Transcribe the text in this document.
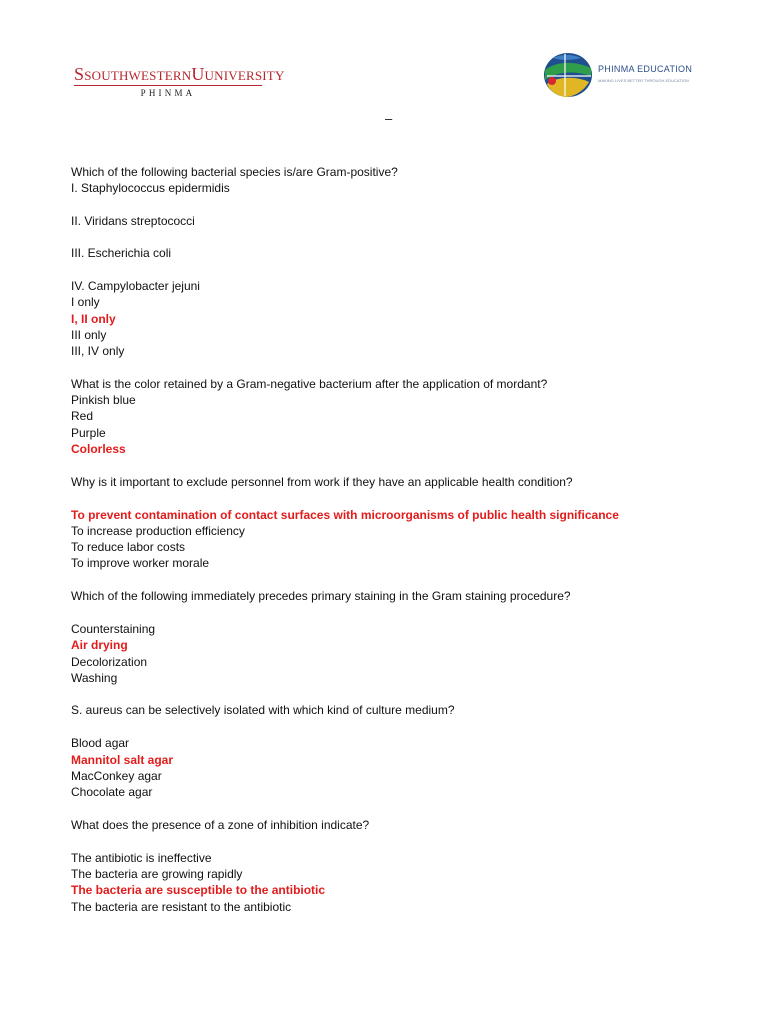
SSOUTHWESTERNUUNIVERSITY
PHINMA
PHINMA EDUCATION
MAKING LIVES BETTER THROUGH EDUCATION
–
Which of the following bacterial species is/are Gram-positive?
I. Staphylococcus epidermidis
II. Viridans streptococci
III. Escherichia coli
IV. Campylobacter jejuni
I only
I, II only
III only
III, IV only
What is the color retained by a Gram-negative bacterium after the application of mordant?
Pinkish blue
Red
Purple
Colorless
Why is it important to exclude personnel from work if they have an applicable health condition?
To prevent contamination of contact surfaces with microorganisms of public health significance
To increase production efficiency
To reduce labor costs
To improve worker morale
Which of the following immediately precedes primary staining in the Gram staining procedure?
Counterstaining
Air drying
Decolorization
Washing
S. aureus can be selectively isolated with which kind of culture medium?
Blood agar
Mannitol salt agar
MacConkey agar
Chocolate agar
What does the presence of a zone of inhibition indicate?
The antibiotic is ineffective
The bacteria are growing rapidly
The bacteria are susceptible to the antibiotic
The bacteria are resistant to the antibiotic
